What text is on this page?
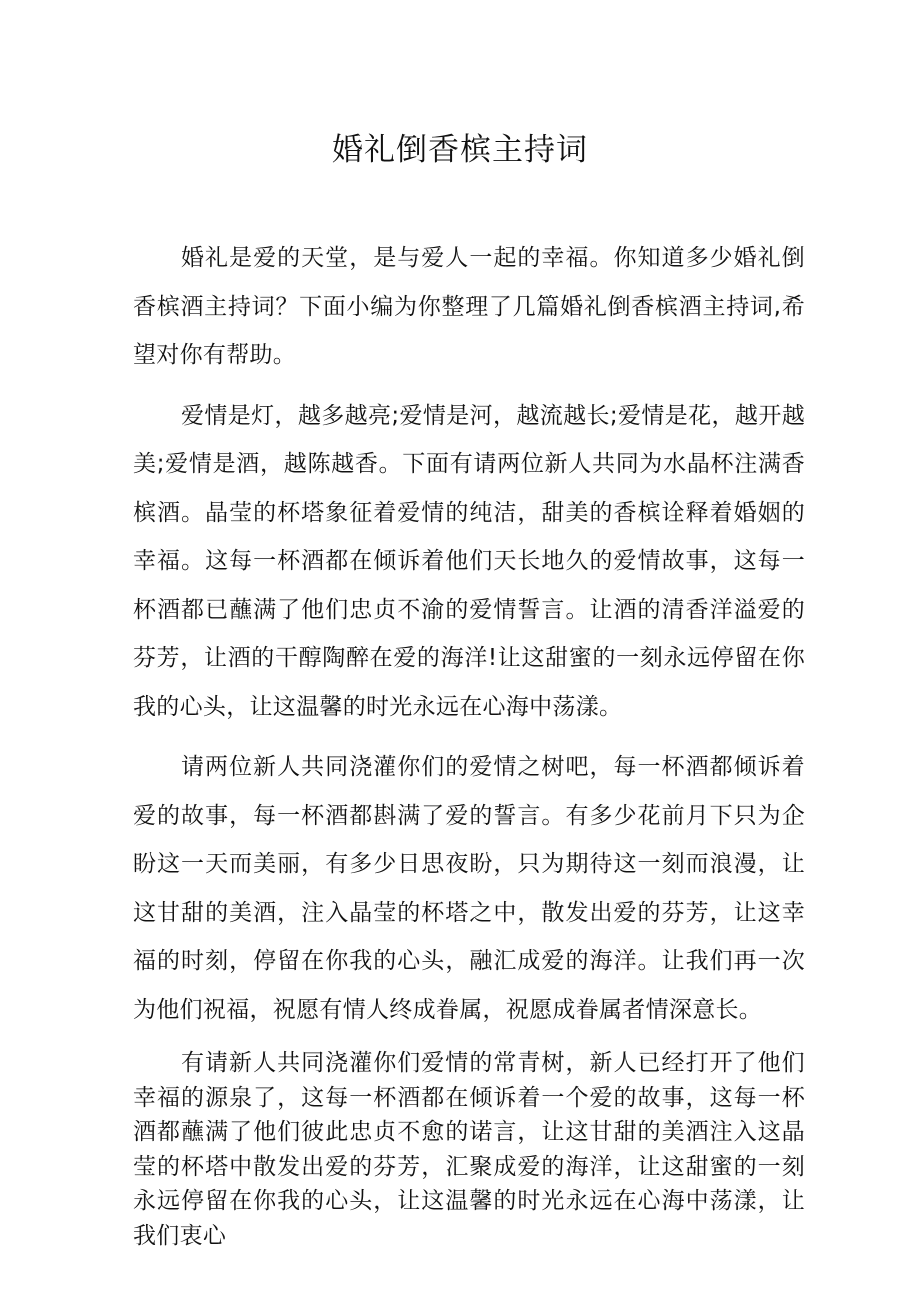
婚礼倒香槟主持词

婚礼是爱的天堂，是与爱人一起的幸福。你知道多少婚礼倒香槟酒主持词？下面小编为你整理了几篇婚礼倒香槟酒主持词,希望对你有帮助。

爱情是灯，越多越亮;爱情是河，越流越长;爱情是花，越开越美;爱情是酒，越陈越香。下面有请两位新人共同为水晶杯注满香槟酒。晶莹的杯塔象征着爱情的纯洁，甜美的香槟诠释着婚姻的幸福。这每一杯酒都在倾诉着他们天长地久的爱情故事，这每一杯酒都已蘸满了他们忠贞不渝的爱情誓言。让酒的清香洋溢爱的芬芳，让酒的干醇陶醉在爱的海洋!让这甜蜜的一刻永远停留在你我的心头，让这温馨的时光永远在心海中荡漾。

请两位新人共同浇灌你们的爱情之树吧，每一杯酒都倾诉着爱的故事，每一杯酒都斟满了爱的誓言。有多少花前月下只为企盼这一天而美丽，有多少日思夜盼，只为期待这一刻而浪漫，让这甘甜的美酒，注入晶莹的杯塔之中，散发出爱的芬芳，让这幸福的时刻，停留在你我的心头，融汇成爱的海洋。让我们再一次为他们祝福，祝愿有情人终成眷属，祝愿成眷属者情深意长。

有请新人共同浇灌你们爱情的常青树，新人已经打开了他们幸福的源泉了，这每一杯酒都在倾诉着一个爱的故事，这每一杯酒都蘸满了他们彼此忠贞不愈的诺言，让这甘甜的美酒注入这晶莹的杯塔中散发出爱的芬芳，汇聚成爱的海洋，让这甜蜜的一刻永远停留在你我的心头，让这温馨的时光永远在心海中荡漾，让我们衷心
